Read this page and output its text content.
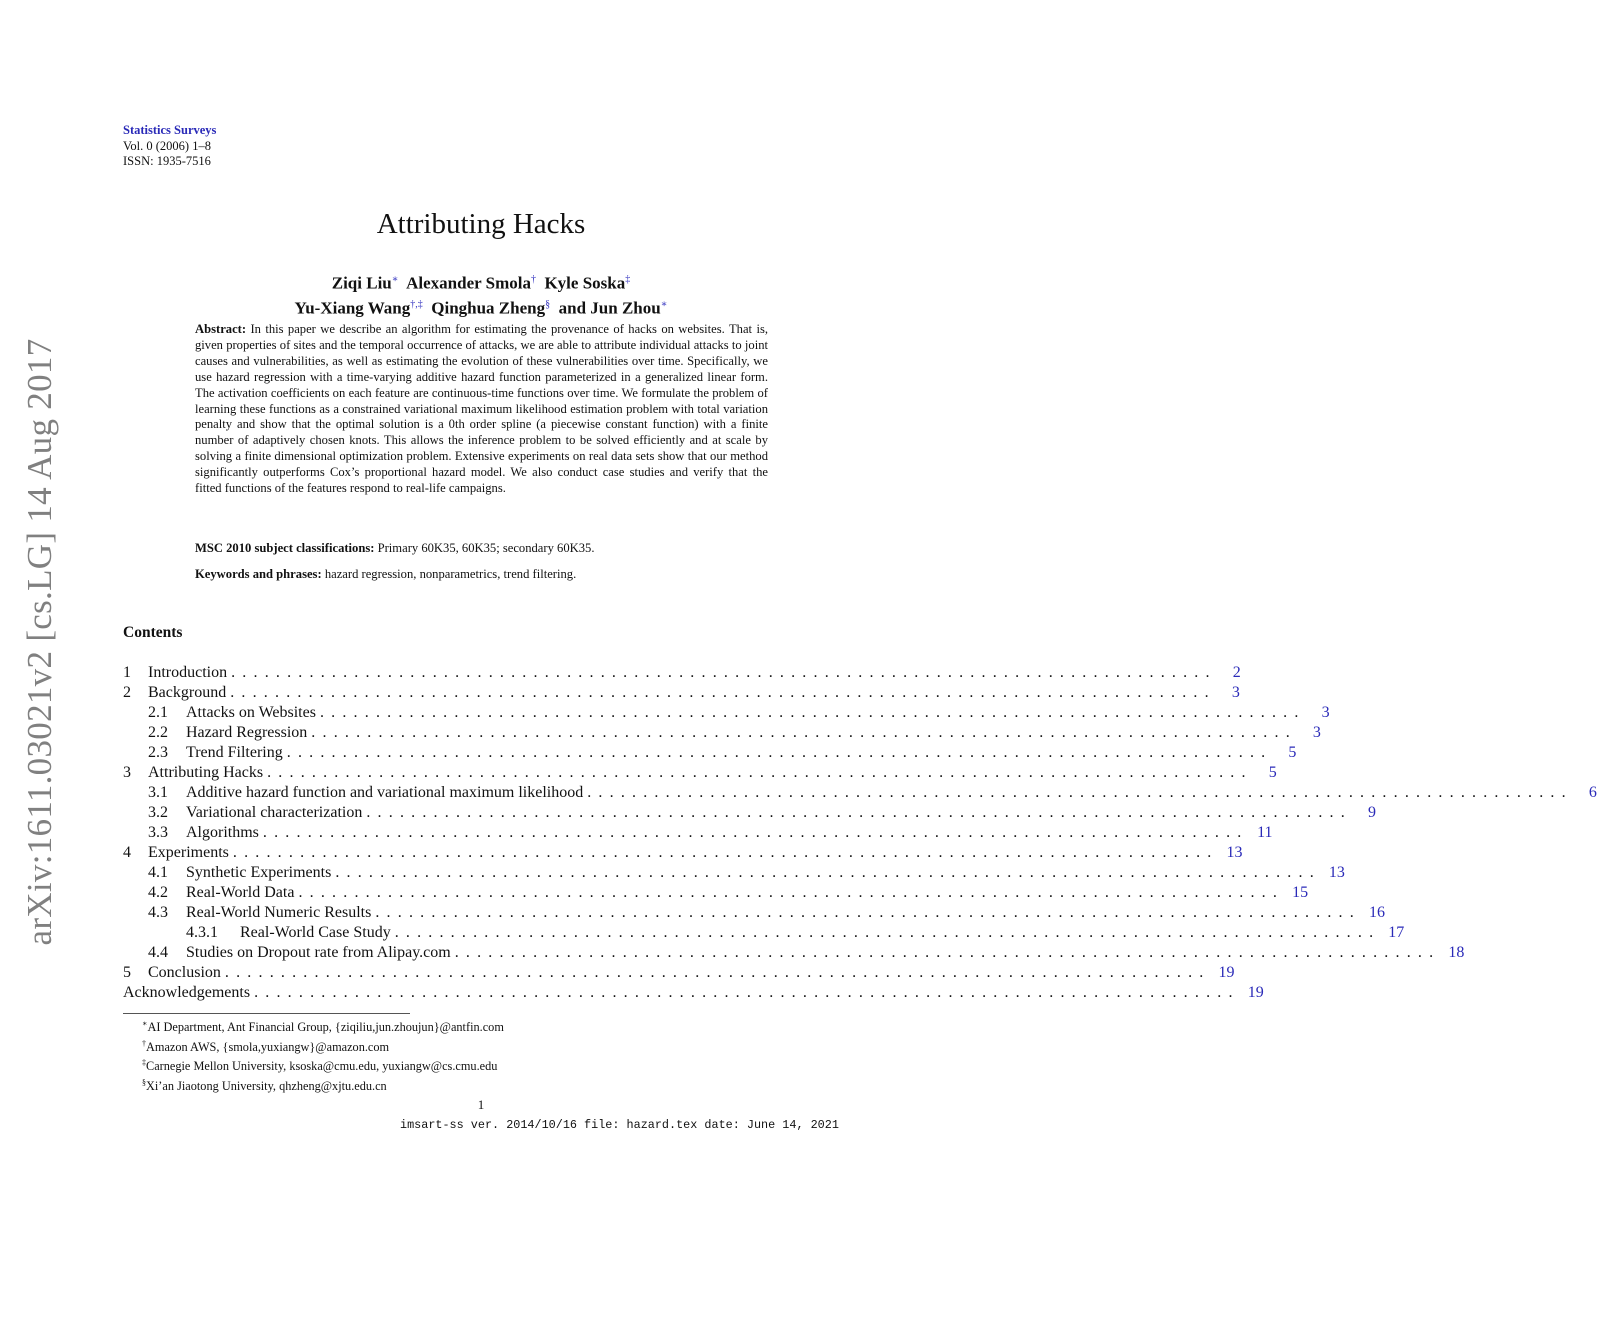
Statistics Surveys
Vol. 0 (2006) 1–8
ISSN: 1935-7516
arXiv:1611.03021v2 [cs.LG] 14 Aug 2017
Attributing Hacks
Ziqi Liu∗ Alexander Smola† Kyle Soska‡
Yu-Xiang Wang†,‡ Qinghua Zheng§ and Jun Zhou∗
Abstract: In this paper we describe an algorithm for estimating the provenance of hacks on websites. That is, given properties of sites and the temporal occurrence of attacks, we are able to attribute individual attacks to joint causes and vulnerabilities, as well as estimating the evolution of these vulnerabilities over time. Specifically, we use hazard regression with a time-varying additive hazard function parameterized in a generalized linear form. The activation coefficients on each feature are continuous-time functions over time. We formulate the problem of learning these functions as a constrained variational maximum likelihood estimation problem with total variation penalty and show that the optimal solution is a 0th order spline (a piecewise constant function) with a finite number of adaptively chosen knots. This allows the inference problem to be solved efficiently and at scale by solving a finite dimensional optimization problem. Extensive experiments on real data sets show that our method significantly outperforms Cox’s proportional hazard model. We also conduct case studies and verify that the fitted functions of the features respond to real-life campaigns.
MSC 2010 subject classifications: Primary 60K35, 60K35; secondary 60K35.
Keywords and phrases: hazard regression, nonparametrics, trend filtering.
Contents
1	Introduction ........................................................................................	2
2	Background ........................................................................................	3
2.1	Attacks on Websites ........................................................................................	3
2.2	Hazard Regression ........................................................................................	3
2.3	Trend Filtering ........................................................................................	5
3	Attributing Hacks ........................................................................................	5
3.1	Additive hazard function and variational maximum likelihood ........................................................................................	6
3.2	Variational characterization ........................................................................................	9
3.3	Algorithms ........................................................................................ 11
4	Experiments ........................................................................................ 13
4.1	Synthetic Experiments ........................................................................................ 13
4.2	Real-World Data ........................................................................................ 15
4.3	Real-World Numeric Results ........................................................................................ 16
4.3.1	Real-World Case Study ........................................................................................ 17
4.4	Studies on Dropout rate from Alipay.com ........................................................................................ 18
5	Conclusion ........................................................................................ 19
Acknowledgements ........................................................................................ 19
∗AI Department, Ant Financial Group, {ziqiliu,jun.zhoujun}@antfin.com
†Amazon AWS, {smola,yuxiangw}@amazon.com
‡Carnegie Mellon University, ksoska@cmu.edu, yuxiangw@cs.cmu.edu
§Xi’an Jiaotong University, qhzheng@xjtu.edu.cn
1
imsart-ss ver. 2014/10/16 file: hazard.tex date: June 14, 2021
